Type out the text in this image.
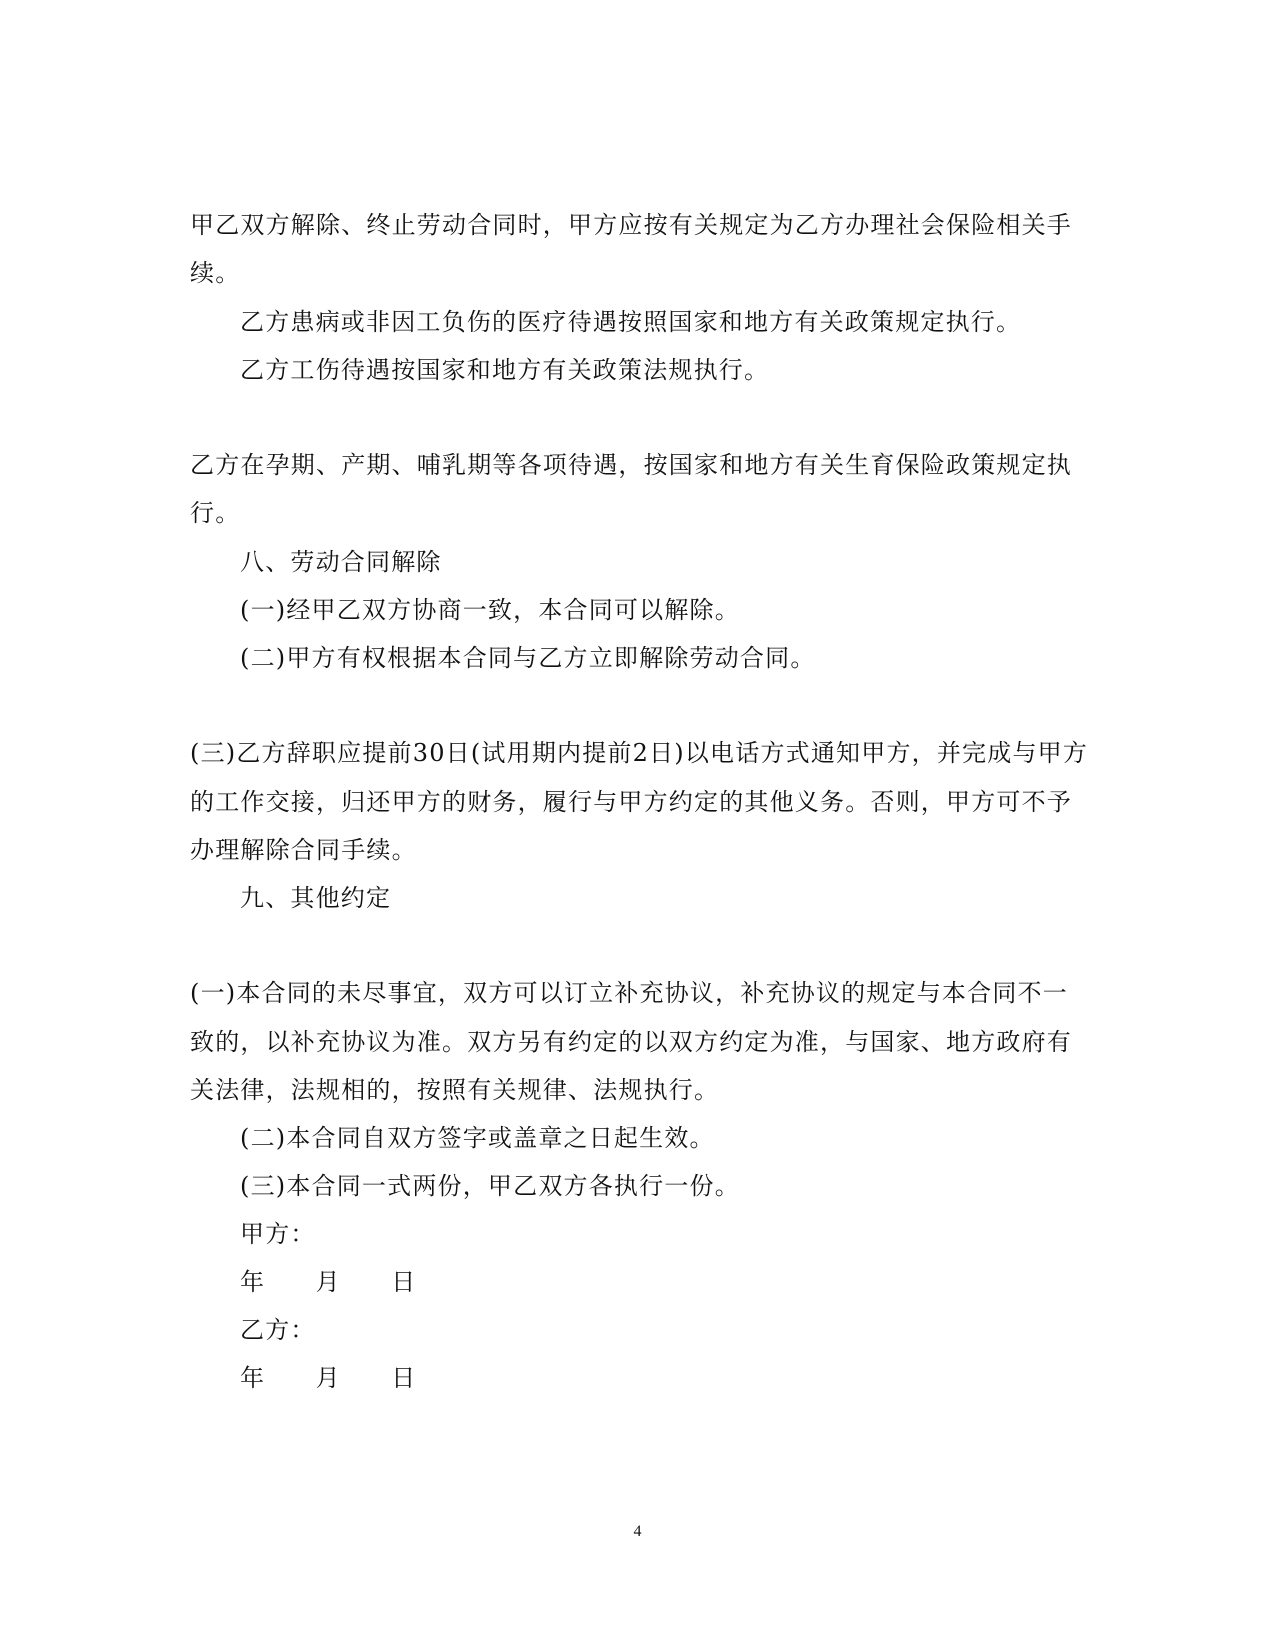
甲乙双方解除、终止劳动合同时，甲方应按有关规定为乙方办理社会保险相关手
续。
乙方患病或非因工负伤的医疗待遇按照国家和地方有关政策规定执行。
乙方工伤待遇按国家和地方有关政策法规执行。
乙方在孕期、产期、哺乳期等各项待遇，按国家和地方有关生育保险政策规定执
行。
八、劳动合同解除
(一)经甲乙双方协商一致，本合同可以解除。
(二)甲方有权根据本合同与乙方立即解除劳动合同。
(三)乙方辞职应提前30日(试用期内提前2日)以电话方式通知甲方，并完成与甲方
的工作交接，归还甲方的财务，履行与甲方约定的其他义务。否则，甲方可不予
办理解除合同手续。
九、其他约定
(一)本合同的未尽事宜，双方可以订立补充协议，补充协议的规定与本合同不一
致的，以补充协议为准。双方另有约定的以双方约定为准，与国家、地方政府有
关法律，法规相的，按照有关规律、法规执行。
(二)本合同自双方签字或盖章之日起生效。
(三)本合同一式两份，甲乙双方各执行一份。
甲方：
年　　月　　日
乙方：
年　　月　　日
4
